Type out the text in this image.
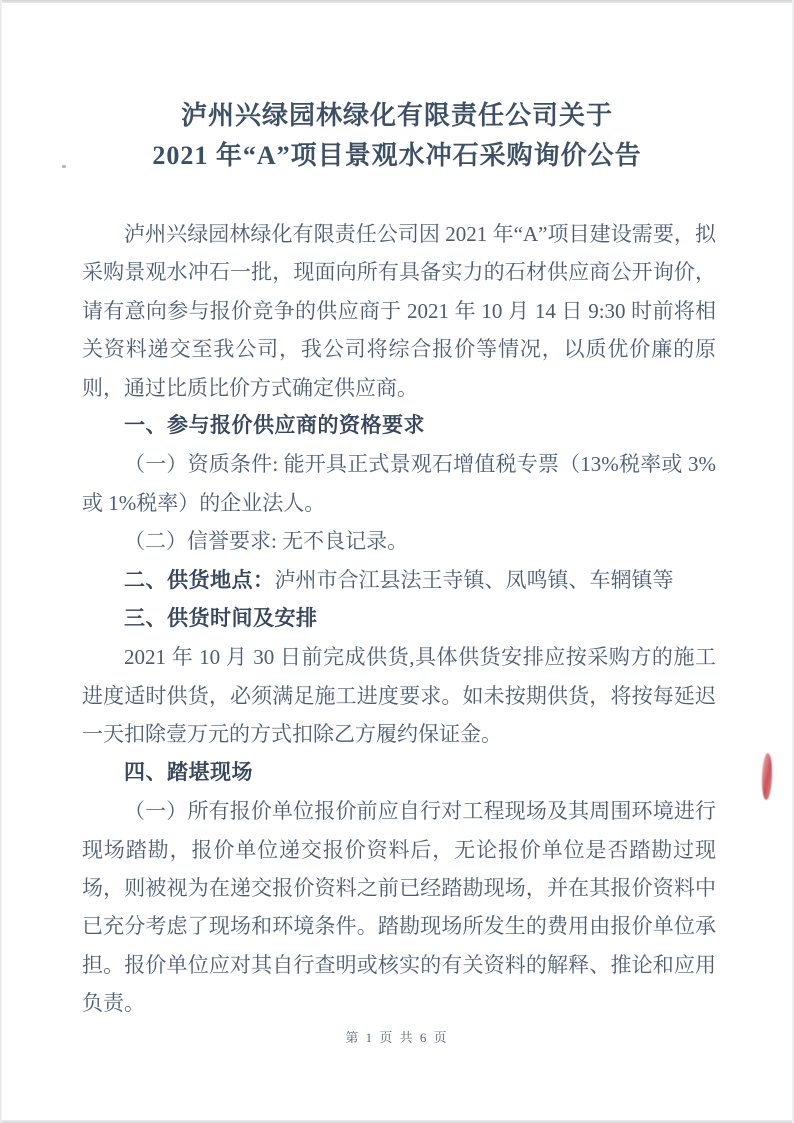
泸州兴绿园林绿化有限责任公司关于
2021 年“A”项目景观水冲石采购询价公告

泸州兴绿园林绿化有限责任公司因 2021 年“A”项目建设需要，拟采购景观水冲石一批，现面向所有具备实力的石材供应商公开询价，请有意向参与报价竞争的供应商于 2021 年 10 月 14 日 9:30 时前将相关资料递交至我公司，我公司将综合报价等情况，以质优价廉的原则，通过比质比价方式确定供应商。

一、参与报价供应商的资格要求

（一）资质条件: 能开具正式景观石增值税专票（13%税率或 3%或 1%税率）的企业法人。

（二）信誉要求: 无不良记录。

二、供货地点：泸州市合江县法王寺镇、凤鸣镇、车辋镇等

三、供货时间及安排

2021 年 10 月 30 日前完成供货,具体供货安排应按采购方的施工进度适时供货，必须满足施工进度要求。如未按期供货，将按每延迟一天扣除壹万元的方式扣除乙方履约保证金。

四、踏堪现场

（一）所有报价单位报价前应自行对工程现场及其周围环境进行现场踏勘，报价单位递交报价资料后，无论报价单位是否踏勘过现场，则被视为在递交报价资料之前已经踏勘现场，并在其报价资料中已充分考虑了现场和环境条件。踏勘现场所发生的费用由报价单位承担。报价单位应对其自行查明或核实的有关资料的解释、推论和应用负责。

第 1 页 共 6 页
